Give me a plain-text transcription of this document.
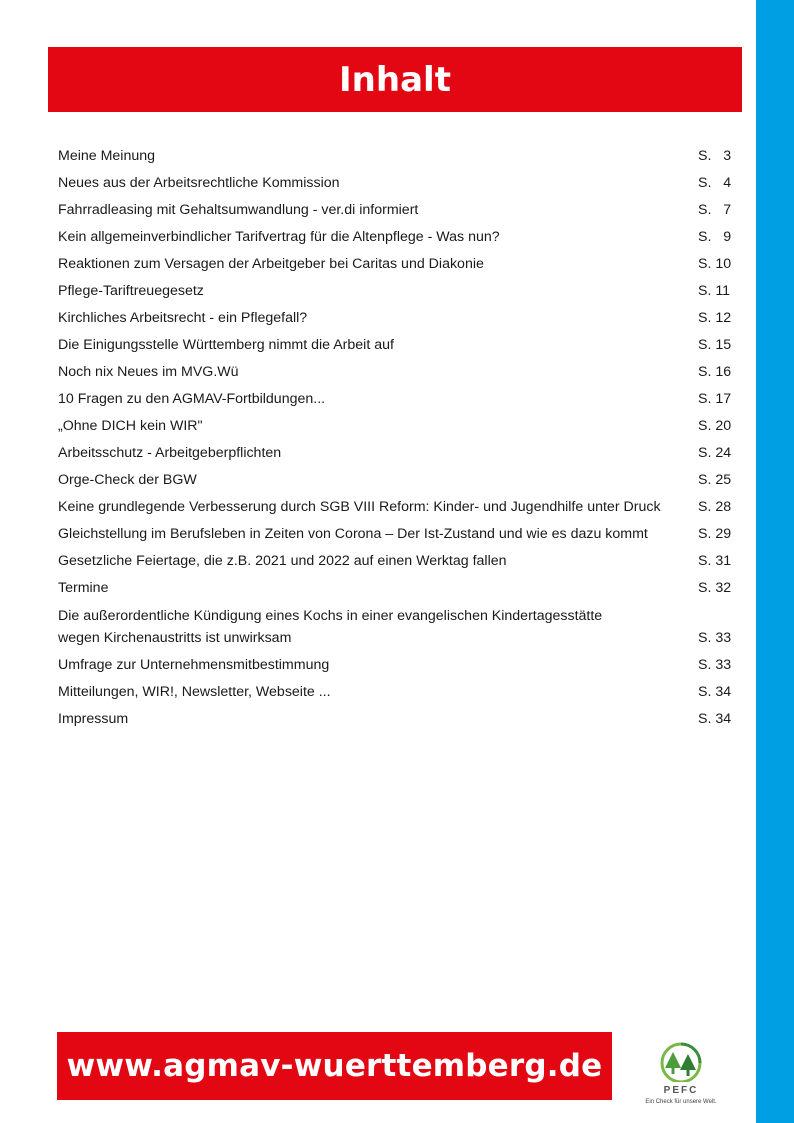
Inhalt
Meine Meinung	S.   3
Neues aus der Arbeitsrechtliche Kommission	S.   4
Fahrradleasing mit Gehaltsumwandlung - ver.di informiert	S.   7
Kein allgemeinverbindlicher Tarifvertrag für die Altenpflege - Was nun?	S.   9
Reaktionen zum Versagen der Arbeitgeber bei Caritas und Diakonie	S. 10
Pflege-Tariftreuegesetz	S. 11
Kirchliches Arbeitsrecht - ein Pflegefall?	S. 12
Die Einigungsstelle Württemberg nimmt die Arbeit auf	S. 15
Noch nix Neues im MVG.Wü	S. 16
10 Fragen zu den AGMAV-Fortbildungen...	S. 17
„Ohne DICH kein WIR"	S. 20
Arbeitsschutz - Arbeitgeberpflichten	S. 24
Orge-Check der BGW	S. 25
Keine grundlegende Verbesserung durch SGB VIII Reform: Kinder- und Jugendhilfe unter Druck	S. 28
Gleichstellung im Berufsleben in Zeiten von Corona – Der Ist-Zustand und wie es dazu kommt	S. 29
Gesetzliche Feiertage, die z.B. 2021 und 2022 auf einen Werktag fallen	S. 31
Termine	S. 32
Die außerordentliche Kündigung eines Kochs in einer evangelischen Kindertagesstätte
wegen Kirchenaustritts ist unwirksam	S. 33
Umfrage zur Unternehmensmitbestimmung	S. 33
Mitteilungen, WIR!, Newsletter, Webseite ...	S. 34
Impressum	S. 34
www.agmav-wuerttemberg.de
PEFC
Ein Check für unsere Welt.
